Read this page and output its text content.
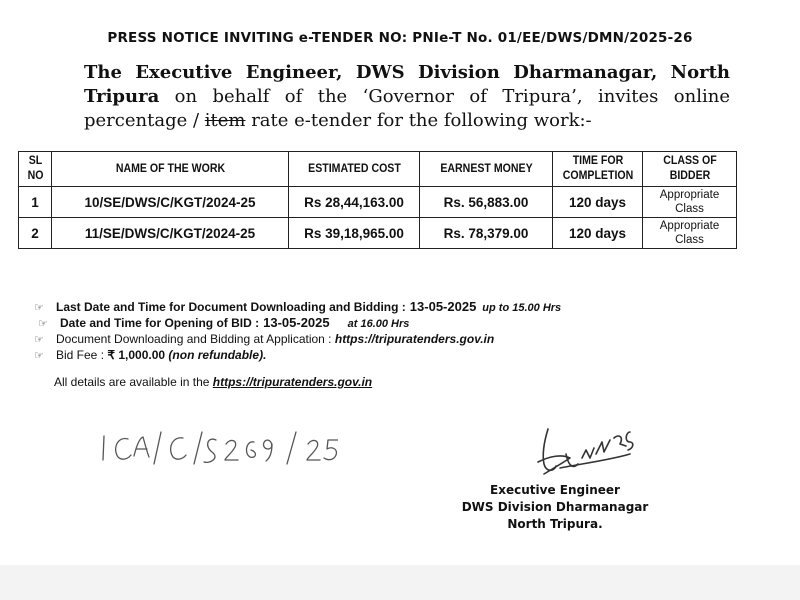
PRESS NOTICE INVITING e-TENDER NO: PNIe-T No. 01/EE/DWS/DMN/2025-26
The Executive Engineer, DWS Division Dharmanagar, North Tripura on behalf of the ‘Governor of Tripura’, invites online percentage / item rate e-tender for the following work:-
SL NO	NAME OF THE WORK	ESTIMATED COST	EARNEST MONEY	TIME FOR COMPLETION	CLASS OF BIDDER
1	10/SE/DWS/C/KGT/2024-25	Rs 28,44,163.00	Rs. 56,883.00	120 days	Appropriate Class
2	11/SE/DWS/C/KGT/2024-25	Rs 39,18,965.00	Rs. 78,379.00	120 days	Appropriate Class
☞ Last Date and Time for Document Downloading and Bidding : 13-05-2025 up to 15.00 Hrs
☞ Date and Time for Opening of BID : 13-05-2025 at 16.00 Hrs
☞ Document Downloading and Bidding at Application : https://tripuratenders.gov.in
☞ Bid Fee : ₹ 1,000.00 (non refundable).
All details are available in the https://tripuratenders.gov.in
ICA/C/269/25
22/4/25
Executive Engineer
DWS Division Dharmanagar
North Tripura.
